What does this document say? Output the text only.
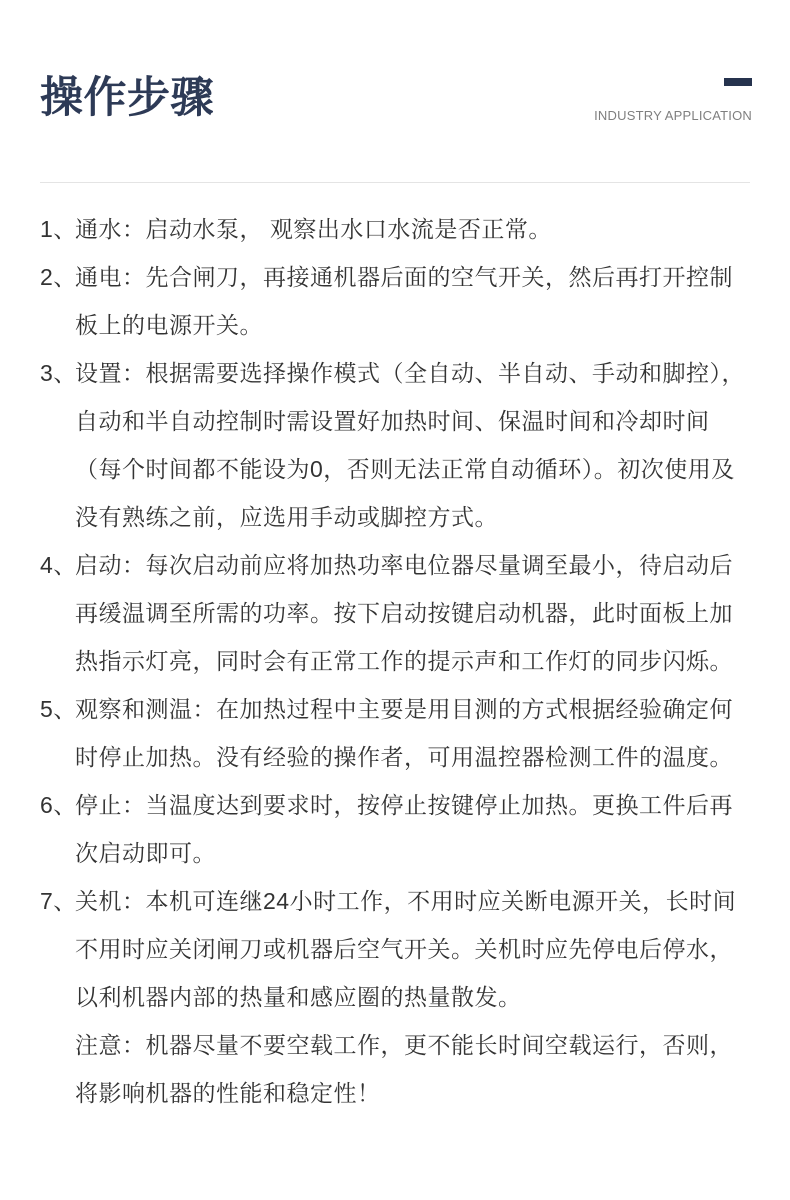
操作步骤	INDUSTRY APPLICATION
1、
通水：启动水泵， 观察出水口水流是否正常。
2、
通电：先合闸刀，再接通机器后面的空气开关，然后再打开控制
板上的电源开关。
3、
设置：根据需要选择操作模式（全自动、半自动、手动和脚控），
自动和半自动控制时需设置好加热时间、保温时间和冷却时间
（每个时间都不能设为0，否则无法正常自动循环）。初次使用及
没有熟练之前，应选用手动或脚控方式。
4、
启动：每次启动前应将加热功率电位器尽量调至最小，待启动后
再缓温调至所需的功率。按下启动按键启动机器，此时面板上加
热指示灯亮，同时会有正常工作的提示声和工作灯的同步闪烁。
5、
观察和测温：在加热过程中主要是用目测的方式根据经验确定何
时停止加热。没有经验的操作者，可用温控器检测工件的温度。
6、
停止：当温度达到要求时，按停止按键停止加热。更换工件后再
次启动即可。
7、
关机：本机可连继24小时工作，不用时应关断电源开关，长时间
不用时应关闭闸刀或机器后空气开关。关机时应先停电后停水，
以利机器内部的热量和感应圈的热量散发。
注意：机器尽量不要空载工作，更不能长时间空载运行，否则，
将影响机器的性能和稳定性！
